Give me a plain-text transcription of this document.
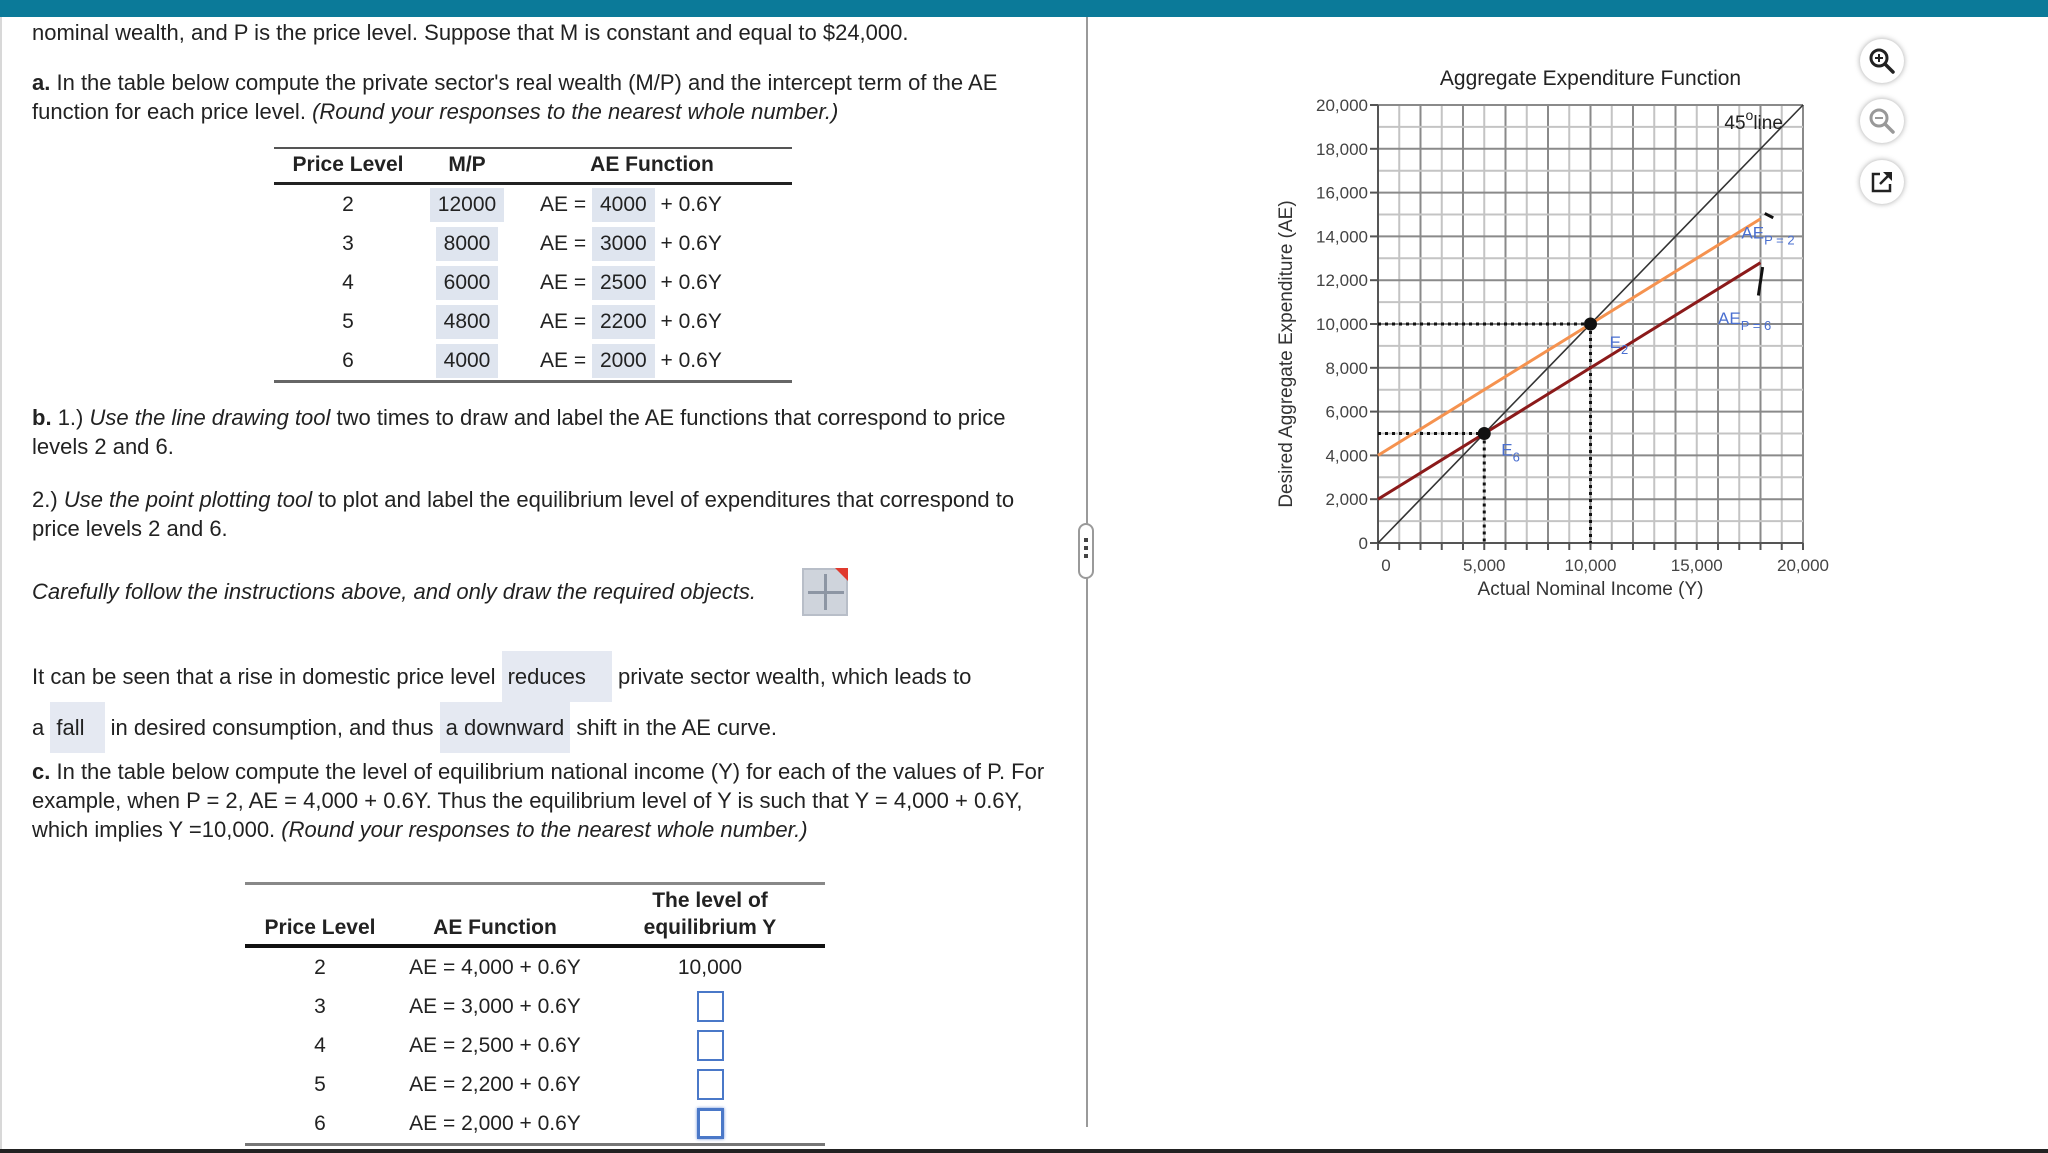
nominal wealth, and P is the price level. Suppose that M is constant and equal to $24,000.

a. In the table below compute the private sector's real wealth (M/P) and the intercept term of the AE function for each price level. (Round your responses to the nearest whole number.)

Price Level	M/P	AE Function
2	12000	AE = 4000 + 0.6Y
3	8000	AE = 3000 + 0.6Y
4	6000	AE = 2500 + 0.6Y
5	4800	AE = 2200 + 0.6Y
6	4000	AE = 2000 + 0.6Y

b. 1.) Use the line drawing tool two times to draw and label the AE functions that correspond to price levels 2 and 6.

2.) Use the point plotting tool to plot and label the equilibrium level of expenditures that correspond to price levels 2 and 6.

Carefully follow the instructions above, and only draw the required objects.

It can be seen that a rise in domestic price level reduces private sector wealth, which leads to
a fall in desired consumption, and thus a downward shift in the AE curve.

c. In the table below compute the level of equilibrium national income (Y) for each of the values of P. For example, when P = 2, AE = 4,000 + 0.6Y. Thus the equilibrium level of Y is such that Y = 4,000 + 0.6Y, which implies Y =10,000. (Round your responses to the nearest whole number.)

Price Level	AE Function	The level of equilibrium Y
2	AE = 4,000 + 0.6Y	10,000
3	AE = 3,000 + 0.6Y	
4	AE = 2,500 + 0.6Y	
5	AE = 2,200 + 0.6Y	
6	AE = 2,000 + 0.6Y	
0
2,000
4,000
6,000
8,000
10,000
12,000
14,000
16,000
18,000
20,000
0	5,000	10,000	15,000	20,000
Aggregate Expenditure Function
Actual Nominal Income (Y)
Desired Aggregate Expenditure (AE)
45$^o$line
$AE_{P = 2}$
$AE_{P = 6}$
$E_2$
$E_6$
